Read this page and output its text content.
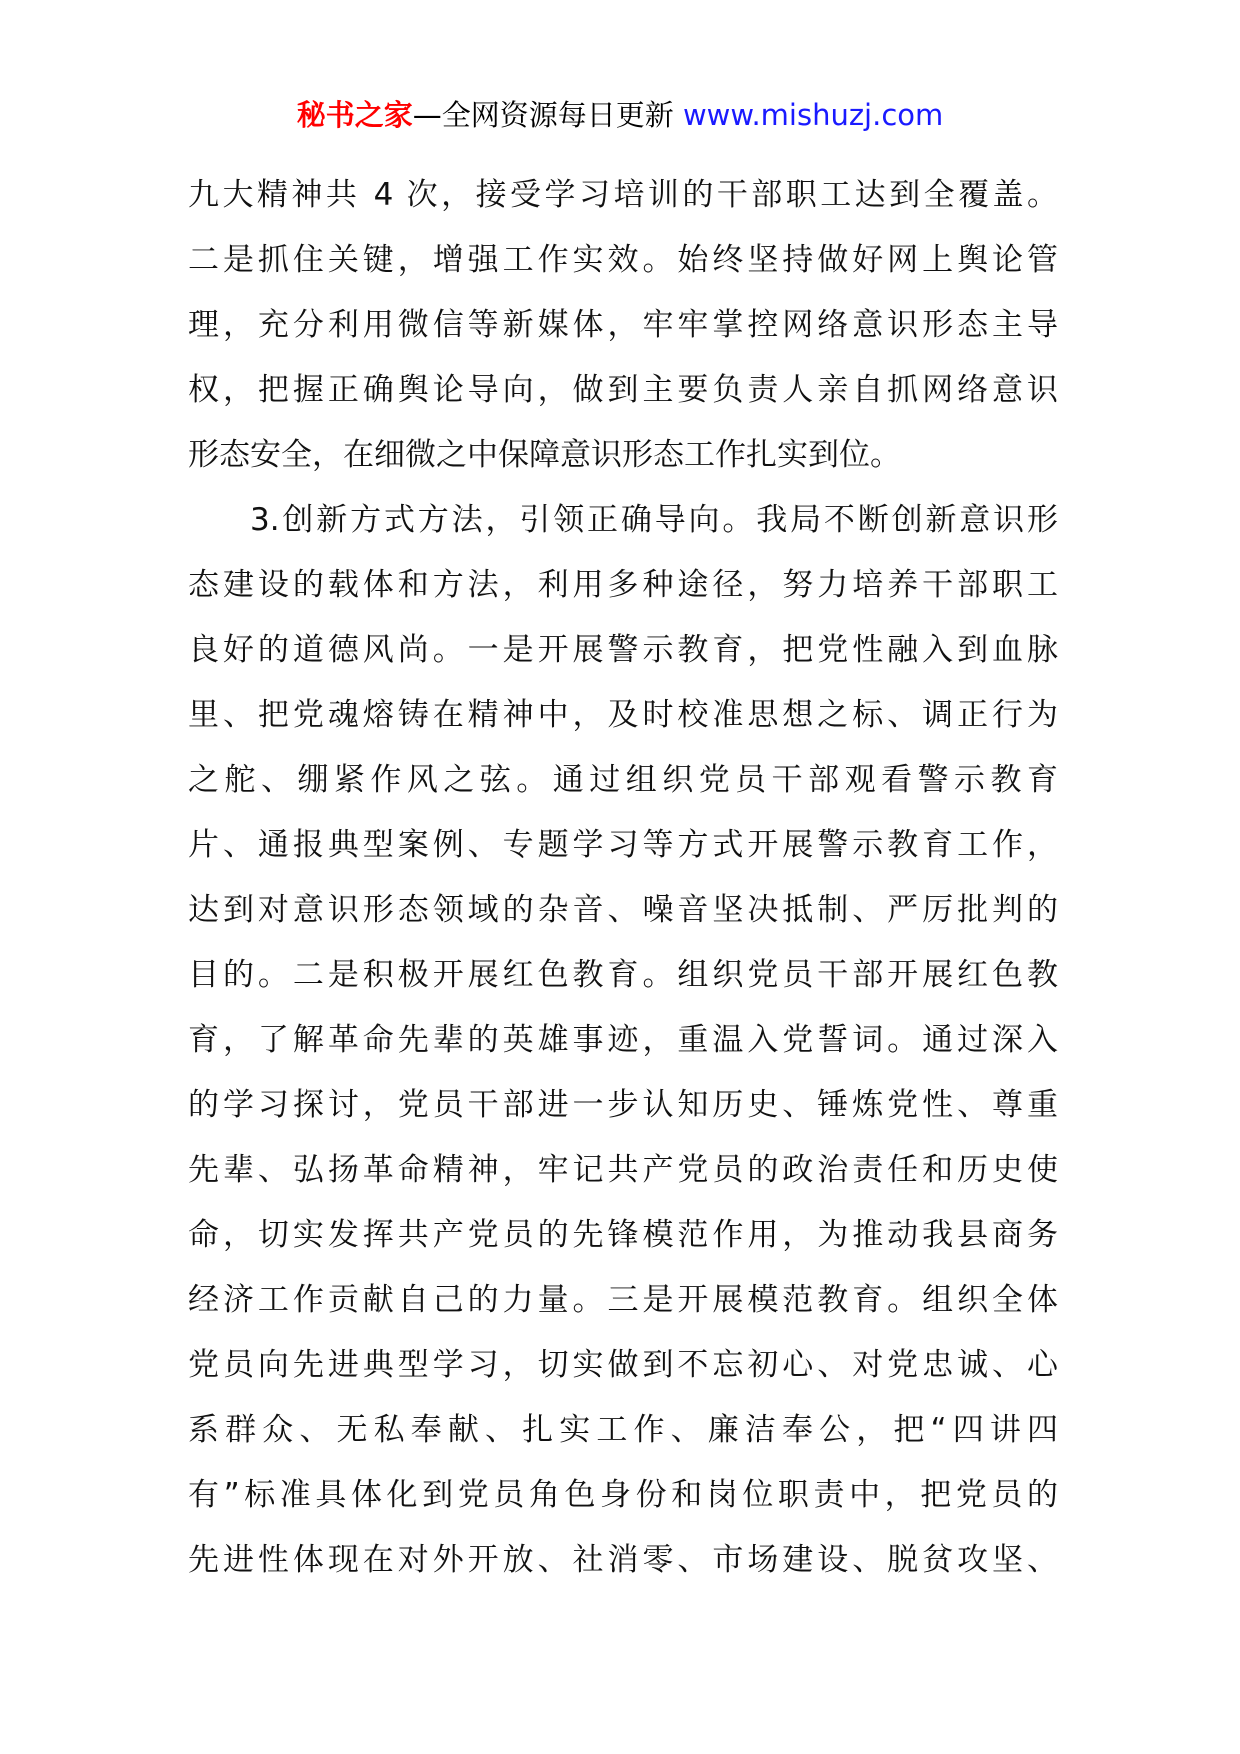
秘书之家—全网资源每日更新 www.mishuzj.com
九大精神共 4 次，接受学习培训的干部职工达到全覆盖。
二是抓住关键，增强工作实效。始终坚持做好网上舆论管
理，充分利用微信等新媒体，牢牢掌控网络意识形态主导
权，把握正确舆论导向，做到主要负责人亲自抓网络意识
形态安全，在细微之中保障意识形态工作扎实到位。
3.创新方式方法，引领正确导向。我局不断创新意识形
态建设的载体和方法，利用多种途径，努力培养干部职工
良好的道德风尚。一是开展警示教育，把党性融入到血脉
里、把党魂熔铸在精神中，及时校准思想之标、调正行为
之舵、绷紧作风之弦。通过组织党员干部观看警示教育
片、通报典型案例、专题学习等方式开展警示教育工作，
达到对意识形态领域的杂音、噪音坚决抵制、严厉批判的
目的。二是积极开展红色教育。组织党员干部开展红色教
育，了解革命先辈的英雄事迹，重温入党誓词。通过深入
的学习探讨，党员干部进一步认知历史、锤炼党性、尊重
先辈、弘扬革命精神，牢记共产党员的政治责任和历史使
命，切实发挥共产党员的先锋模范作用，为推动我县商务
经济工作贡献自己的力量。三是开展模范教育。组织全体
党员向先进典型学习，切实做到不忘初心、对党忠诚、心
系群众、无私奉献、扎实工作、廉洁奉公，把“四讲四
有”标准具体化到党员角色身份和岗位职责中，把党员的
先进性体现在对外开放、社消零、市场建设、脱贫攻坚、
